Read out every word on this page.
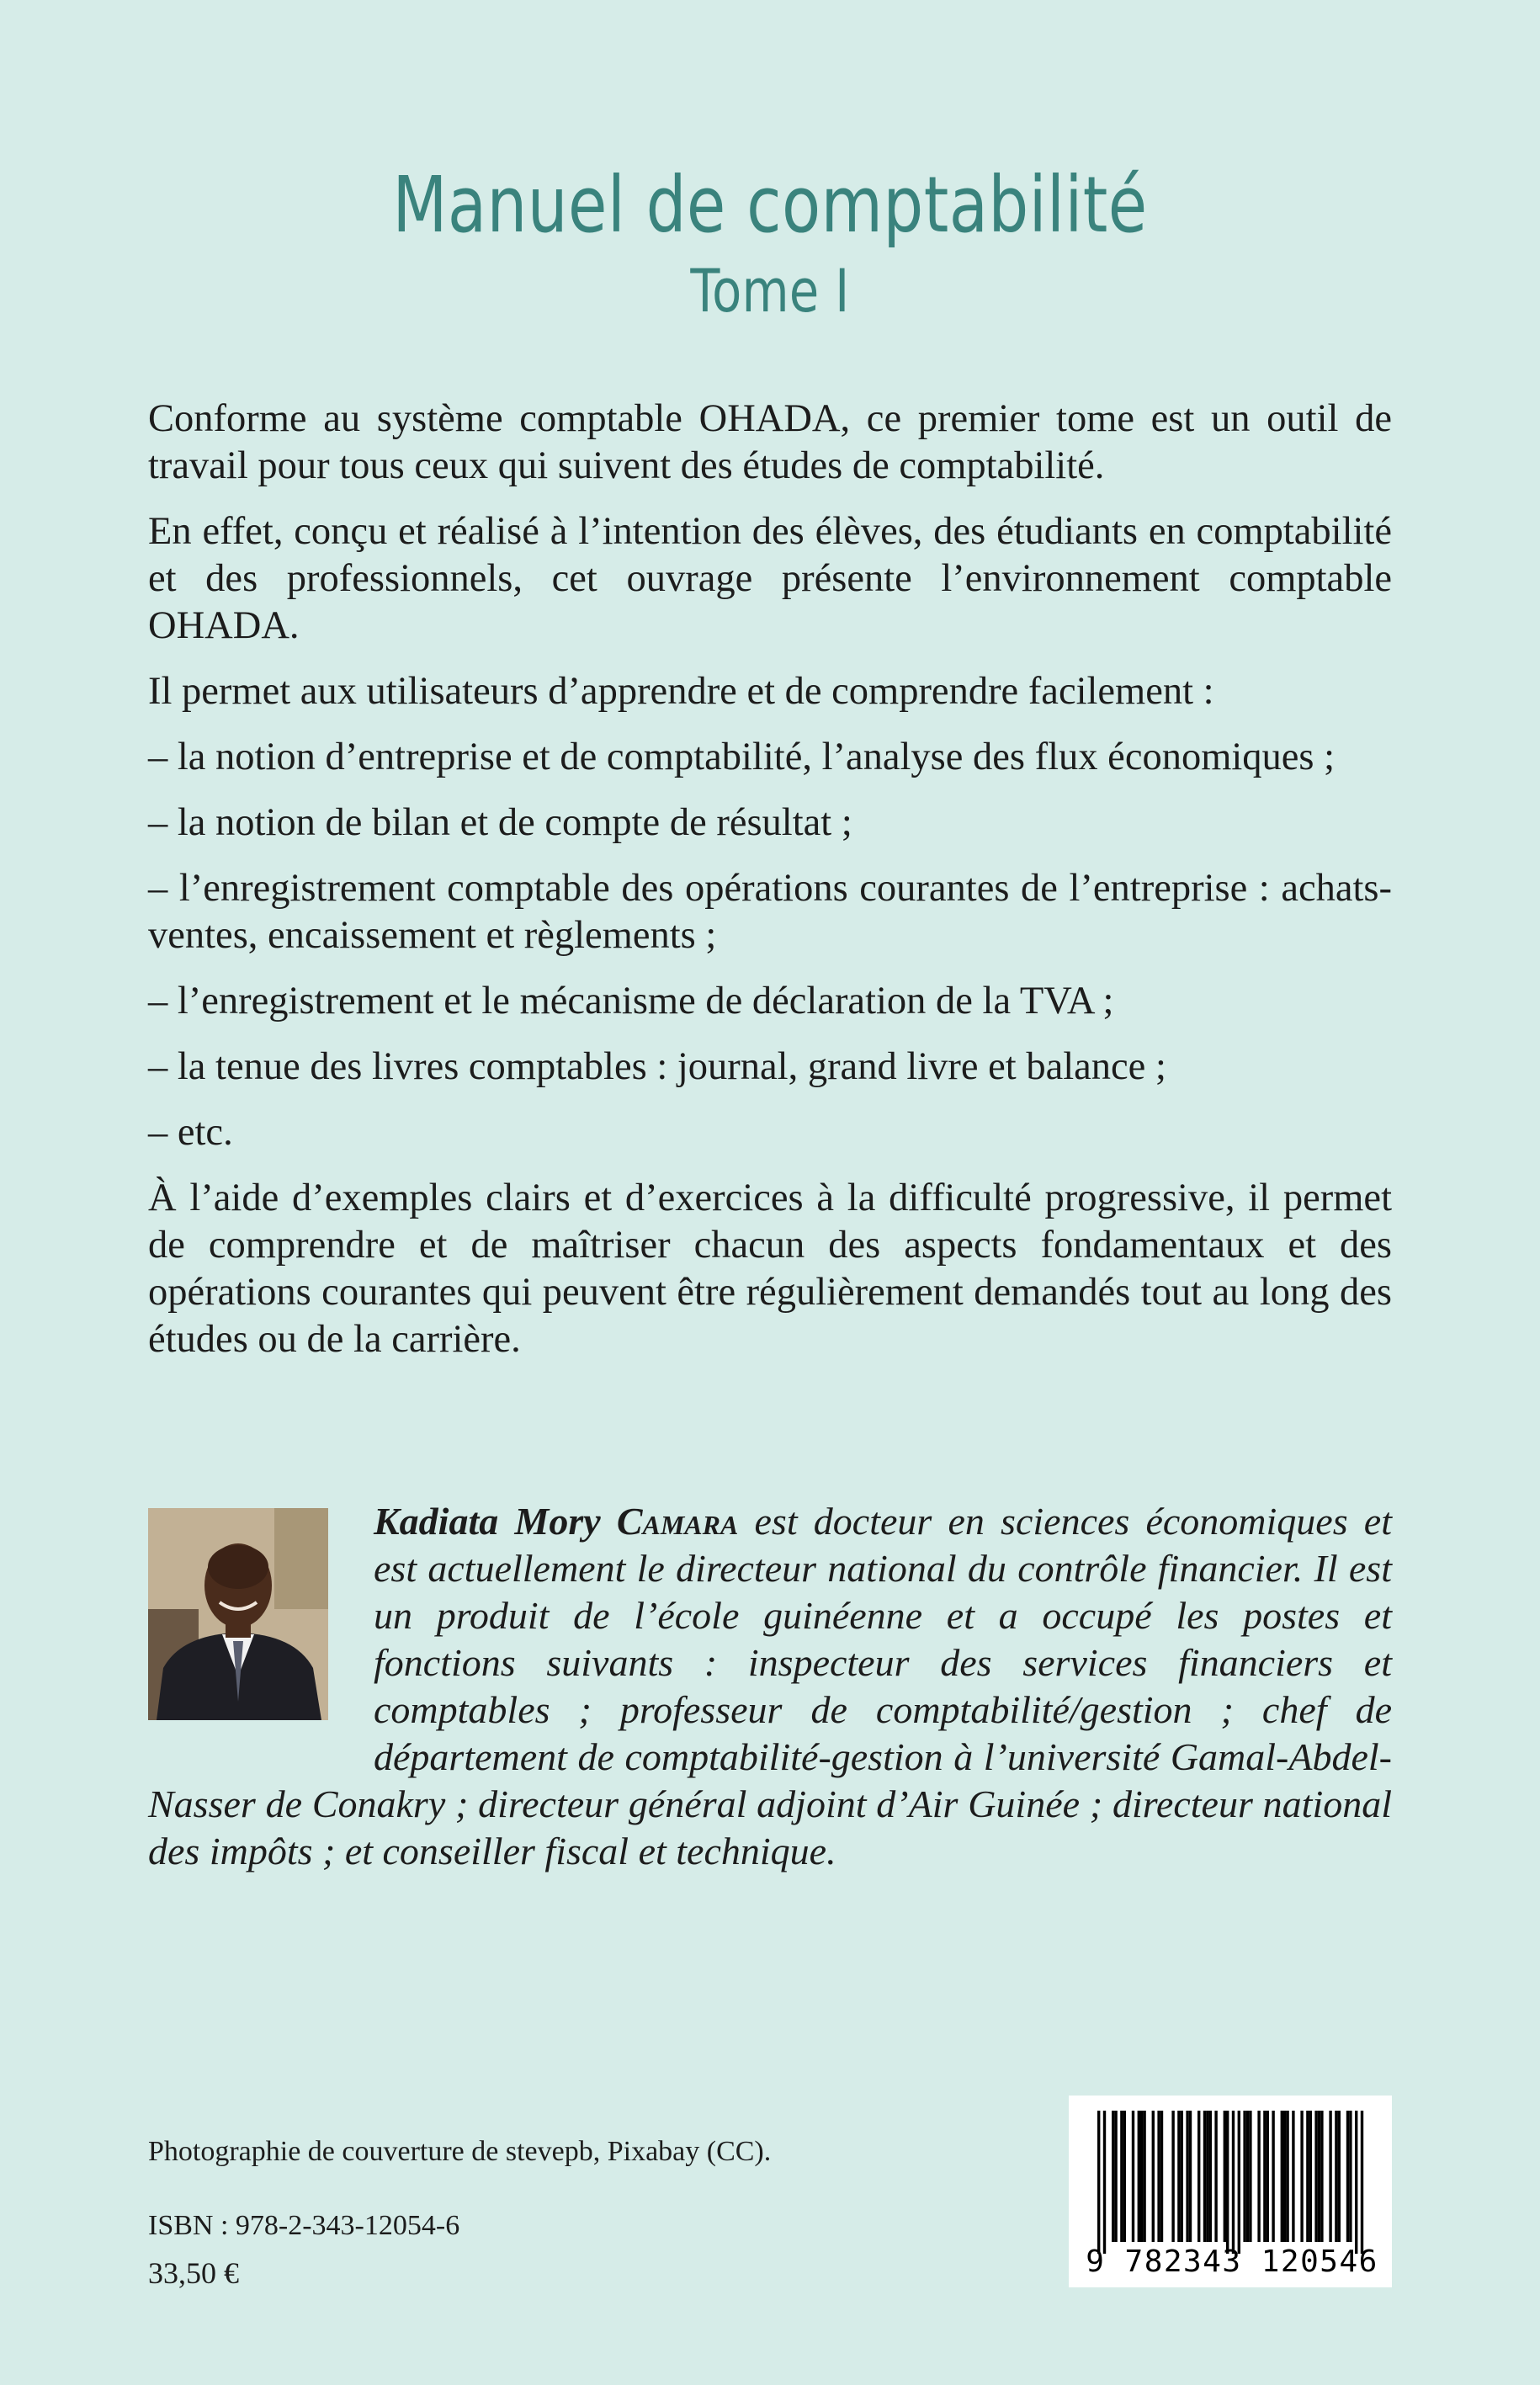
Manuel de comptabilité
Tome I

Conforme au système comptable OHADA, ce premier tome est un outil de travail pour tous ceux qui suivent des études de comptabilité.

En effet, conçu et réalisé à l’intention des élèves, des étudiants en comptabilité et des professionnels, cet ouvrage présente l’environnement comptable OHADA.

Il permet aux utilisateurs d’apprendre et de comprendre facilement :

– la notion d’entreprise et de comptabilité, l’analyse des flux économiques ;

– la notion de bilan et de compte de résultat ;

– l’enregistrement comptable des opérations courantes de l’entreprise : achats-ventes, encaissement et règlements ;

– l’enregistrement et le mécanisme de déclaration de la TVA ;

– la tenue des livres comptables : journal, grand livre et balance ;

– etc.

À l’aide d’exemples clairs et d’exercices à la difficulté progressive, il permet de comprendre et de maîtriser chacun des aspects fondamentaux et des opérations courantes qui peuvent être régulièrement demandés tout au long des études ou de la carrière.

Kadiata Mory Camara est docteur en sciences économiques et est actuellement le directeur national du contrôle financier. Il est un produit de l’école guinéenne et a occupé les postes et fonctions suivants : inspecteur des services financiers et comptables ; professeur de comptabilité/gestion ; chef de département de comptabilité-gestion à l’université Gamal-Abdel-Nasser de Conakry ; directeur général adjoint d’Air Guinée ; directeur national des impôts ; et conseiller fiscal et technique.
Photographie de couverture de stevepb, Pixabay (CC).
ISBN : 978-2-343-12054-6
33,50 €	9 782343 120546
